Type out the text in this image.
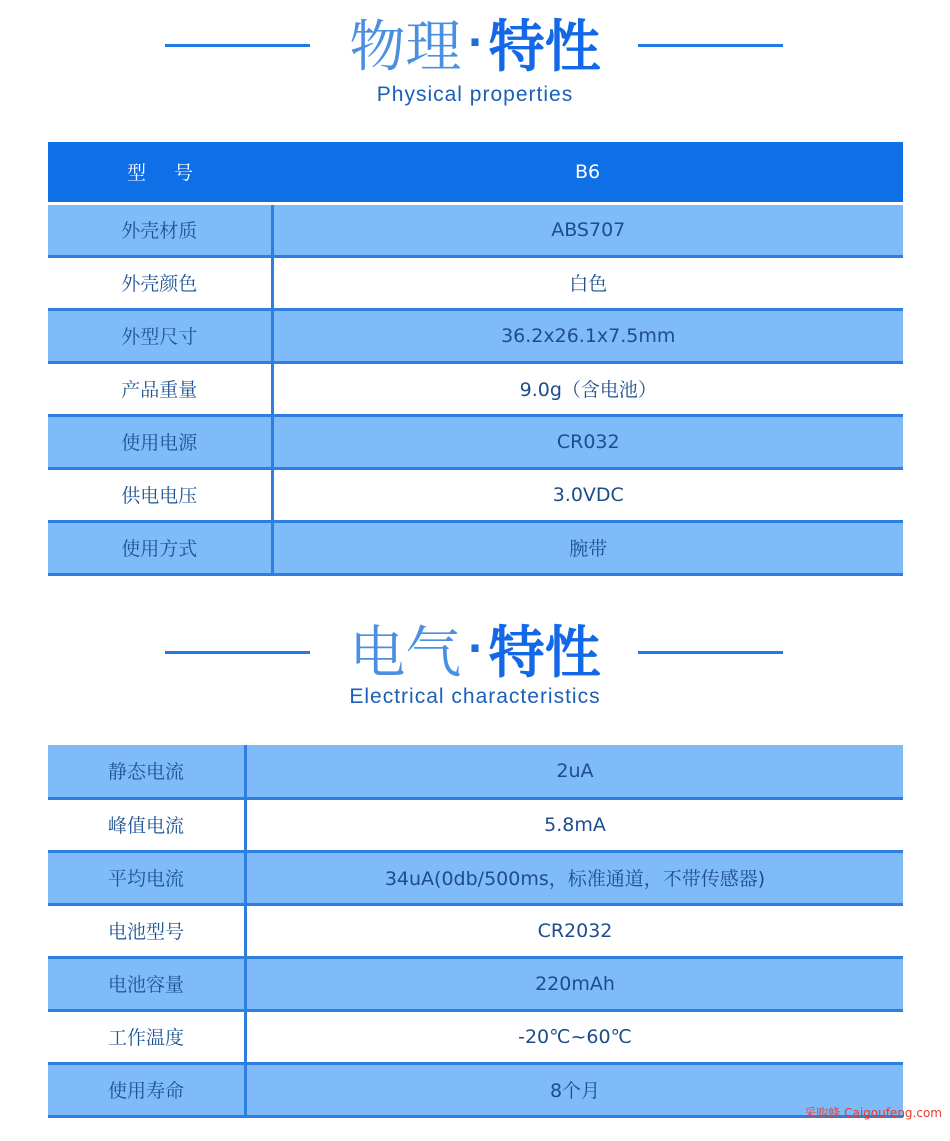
物理 · 特性
Physical properties
型号	B6
外壳材质	ABS707
外壳颜色	白色
外型尺寸	36.2x26.1x7.5mm
产品重量	9.0g（含电池）
使用电源	CR032
供电电压	3.0VDC
使用方式	腕带
电气 · 特性
Electrical characteristics
静态电流	2uA
峰值电流	5.8mA
平均电流	34uA(0db/500ms，标准通道，不带传感器)
电池型号	CR2032
电池容量	220mAh
工作温度	-20℃~60℃
使用寿命	8个月
采购蜂 Caigoufeng.com
